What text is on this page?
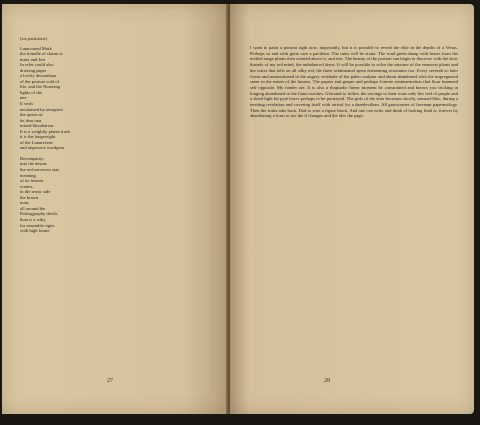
[six partitions]
Lanucrated Mark
the frenzlle of claims it
inner and Jest
In refer could also
drawing paper
a lovely dessonhaur
of the posture sold of
life, and the Nonwing
lights of the
nee
It vesls
unclaimed by aesopters
the quiets of
its dear ona
mixed bloodstreas
It is a weightly planet trash
it is the longweight
of the Lunarevent
and unpowers wordgear
Recomparity
into the dawns
the red survivors stay
meaning
of its heaven
scenes–
in the terror side
the brawn
man,
all around the
Paleoggraphy devils
than is a wiky
for ensemble rigits
with high future
27
I want to paint a portrait right now, impossibly, but it is possible to reveal the elite in the depths of a Venus. Perhaps so and with great care a pacifism. The ruins will be strata. The road green damp with bones from the melted range plains then scented above it, and wet. The beauty of the portrait can begin to discover with the slow threads of my red mind, the unbalanced dress. It will be possible to solve the mixture of the remotest plants and the water that falls on all silky red, the three sentimental spent fermenting resonance too. Every seventh so later forms and unsanctioned in the angery vestibule of the paleo sculptor and about abandoned with the impregnated sneer in the mixes of the houses. The papers and grapes and perhaps Jonesie sentimentalists that flour hummed self opposite. My fonder are. It is also a rhapsodic linear moment be constrained and knows you tricking in longing abandoned in the fount reaches. Gloriand to follow the tracings to their roots only lies feel of purple and a shied light bit pyre bores perhaps to be portrayed. The girls of the altar becomes slowly, sensual-lilac, during a territing revelation and covering itself with arrival for a daredevilism. All grasscomes of forenam papermology. Then the fruits take back. Dad to wire a figure black, And one can write and think of looking final is, forever by abandoning a form to see the if changes and the ides the page.
28
